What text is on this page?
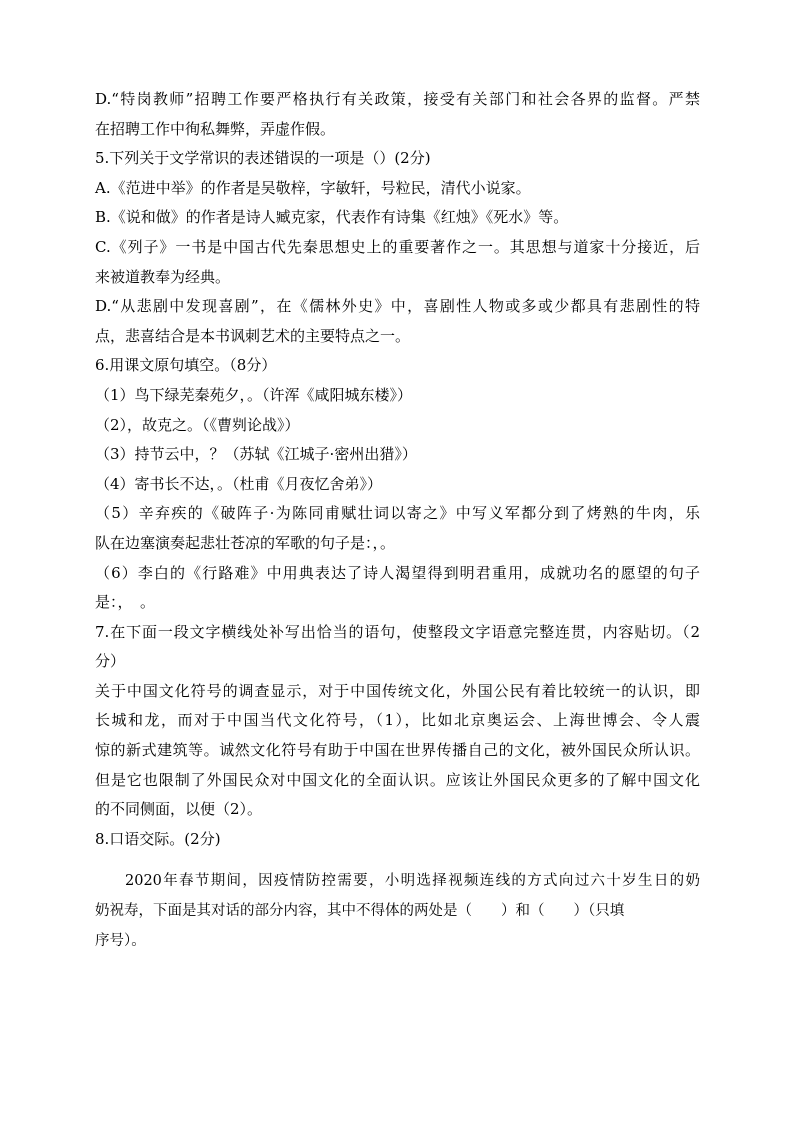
D.“特岗教师”招聘工作要严格执行有关政策，接受有关部门和社会各界的监督。严禁
在招聘工作中徇私舞弊，弄虚作假。
5.下列关于文学常识的表述错误的一项是（）(2分)
A.《范进中举》的作者是吴敬梓，字敏轩，号粒民，清代小说家。
B.《说和做》的作者是诗人臧克家，代表作有诗集《红烛》《死水》等。
C.《列子》一书是中国古代先秦思想史上的重要著作之一。其思想与道家十分接近，后
来被道教奉为经典。
D.“从悲剧中发现喜剧”，在《儒林外史》中，喜剧性人物或多或少都具有悲剧性的特
点，悲喜结合是本书讽刺艺术的主要特点之一。
6.用课文原句填空。（8分）
（1）鸟下绿芜秦苑夕，。（许浑《咸阳城东楼》）
（2），故克之。（《曹刿论战》）
（3）持节云中，？（苏轼《江城子·密州出猎》）
（4）寄书长不达，。（杜甫《月夜忆舍弟》）
（5）辛弃疾的《破阵子·为陈同甫赋壮词以寄之》中写义军都分到了烤熟的牛肉，乐
队在边塞演奏起悲壮苍凉的军歌的句子是：，。
（6）李白的《行路难》中用典表达了诗人渴望得到明君重用，成就功名的愿望的句子
是：，　。
7.在下面一段文字横线处补写出恰当的语句，使整段文字语意完整连贯，内容贴切。（2
分）
关于中国文化符号的调查显示，对于中国传统文化，外国公民有着比较统一的认识，即
长城和龙，而对于中国当代文化符号，（1），比如北京奥运会、上海世博会、令人震
惊的新式建筑等。诚然文化符号有助于中国在世界传播自己的文化，被外国民众所认识。
但是它也限制了外国民众对中国文化的全面认识。应该让外国民众更多的了解中国文化
的不同侧面，以便（2）。
8.口语交际。(2分)
2020年春节期间，因疫情防控需要，小明选择视频连线的方式向过六十岁生日的奶
奶祝寿，下面是其对话的部分内容，其中不得体的两处是（　　）和（　　）（只填
序号）。
